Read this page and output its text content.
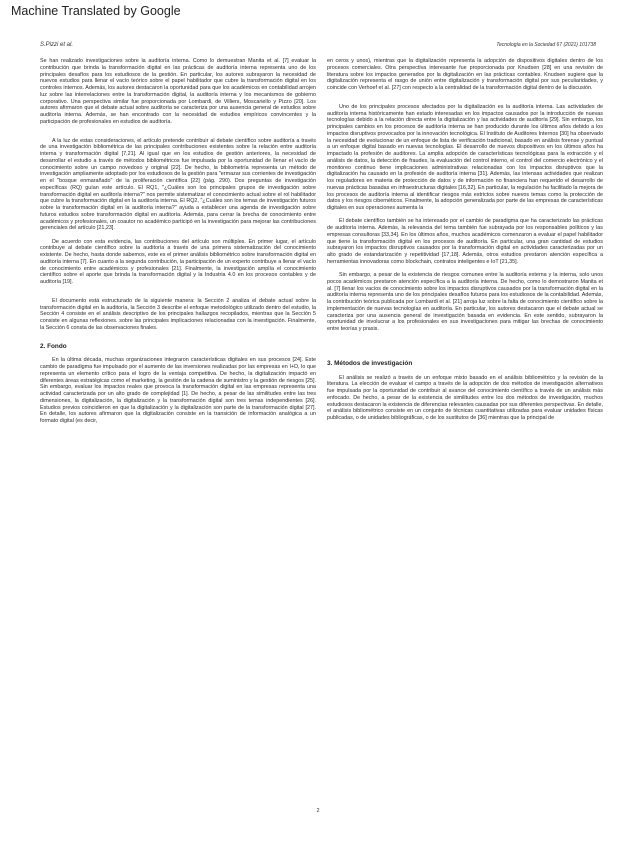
Machine Translated by Google
S.Pizzi et al.	Tecnología en la Sociedad 67 (2021) 101738

Se han realizado investigaciones sobre la auditoría interna. Como lo demuestran Manita et al. [7] evaluar la contribución que brinda la transformación digital en las prácticas de auditoría interna representa uno de los principales desafíos para los estudiosos de la gestión. En particular, los autores subrayaron la necesidad de nuevos estudios para llenar el vacío teórico sobre el papel habilitador que cubre la transformación digital en los controles internos. Además, los autores destacaron la oportunidad para que los académicos en contabilidad arrojen luz sobre las interrelaciones entre la transformación digital, la auditoría interna y los mecanismos de gobierno corporativo. Una perspectiva similar fue proporcionada por Lombardi, de Villiers, Moscariello y Pizzo [20]. Los autores afirmaron que el debate actual sobre auditoría se caracteriza por una ausencia general de estudios sobre auditoría interna. Además, se han encontrado con la necesidad de estudios empíricos convincentes y la participación de profesionales en estudios de auditoría.

A la luz de estas consideraciones, el artículo pretende contribuir al debate científico sobre auditoría a través de una investigación bibliométrica de las principales contribuciones existentes sobre la relación entre auditoría interna y transformación digital [7,21]. Al igual que en los estudios de gestión anteriores, la necesidad de desarrollar el estudio a través de métodos bibliométricos fue impulsada por la oportunidad de llenar el vacío de conocimiento sobre un campo novedoso y original [22]. De hecho, la bibliometría representa un método de investigación ampliamente adoptado por los estudiosos de la gestión para "ermazar sus corrientes de investigación en el "bosque enmarañado" de la proliferación científica [22] (pág. 290). Dos preguntas de investigación específicas (RQ) guían este artículo. El RQ1, "¿Cuáles son los principales grupos de investigación sobre transformación digital en auditoría interna?" nos permite sistematizar el conocimiento actual sobre el rol habilitador que cubre la transformación digital en la auditoría interna. El RQ2, "¿Cuáles son los temas de investigación futuros sobre la transformación digital en la auditoría interna?" ayuda a establecer una agenda de investigación sobre futuros estudios sobre transformación digital en auditoría. Además, para cerrar la brecha de conocimiento entre académicos y profesionales, un coautor no académico participó en la investigación para mejorar las contribuciones gerenciales del artículo [21,23].

De acuerdo con esta evidencia, las contribuciones del artículo son múltiples. En primer lugar, el artículo contribuye al debate científico sobre la auditoría a través de una primera sistematización del conocimiento existente. De hecho, hasta donde sabemos, este es el primer análisis bibliométrico sobre transformación digital en auditoría interna [7]. En cuanto a la segunda contribución, la participación de un experto contribuye a llenar el vacío de conocimiento entre académicos y profesionales [21]. Finalmente, la investigación amplía el conocimiento científico sobre el aporte que brinda la transformación digital y la Industria 4.0 en los procesos contables y de auditoría [19].

El documento está estructurado de la siguiente manera: la Sección 2 analiza el debate actual sobre la transformación digital en la auditoría, la Sección 3 describe el enfoque metodológico utilizado dentro del estudio, la Sección 4 consiste en el análisis descriptivo de los principales hallazgos recopilados, mientras que la Sección 5 consiste en algunas reflexiones. sobre las principales implicaciones relacionadas con la investigación. Finalmente, la Sección 6 consta de las observaciones finales.

2. Fondo

En la última década, muchas organizaciones integraron características digitales en sus procesos [24]. Este cambio de paradigma fue impulsado por el aumento de las inversiones realizadas por las empresas en I+D, lo que representa un elemento crítico para el logro de la ventaja competitiva. De hecho, la digitalización impactó en diferentes áreas estratégicas como el marketing, la gestión de la cadena de suministro y la gestión de riesgos [25]. Sin embargo, evaluar los impactos reales que provoca la transformación digital en las empresas representa una actividad caracterizada por un alto grado de complejidad [1]. De hecho, a pesar de las similitudes entre las tres dimensiones, la digitalización, la digitalización y la transformación digital son tres temas independientes [26]. Estudios previos coincidieron en que la digitalización y la digitalización son parte de la transformación digital [27]. En detalle, los autores afirmaron que la digitalización consiste en la transición de información analógica a un formato digital (es decir,

en ceros y unos), mientras que la digitalización representa la adopción de dispositivos digitales dentro de los procesos comerciales. Otra perspectiva interesante fue proporcionada por Knudsen [28] en una revisión de literatura sobre los impactos generados por la digitalización en las prácticas contables. Knudsen sugiere que la digitalización representa el rasgo de unión entre digitalización y transformación digital por sus peculiaridades, y coincide con Verhoef et al. [27] con respecto a la centralidad de la transformación digital dentro de la discusión.

Uno de los principales procesos afectados por la digitalización es la auditoría interna. Las actividades de auditoría interna históricamente han estado interesadas en los impactos causados por la introducción de nuevas tecnologías debido a la relación directa entre la digitalización y las actividades de auditoría [29]. Sin embargo, los principales cambios en los procesos de auditoría interna se han producido durante los últimos años debido a los impactos disruptivos provocados por la innovación tecnológica. El Instituto de Auditores Internos [30] ha observado la necesidad de evolucionar de un enfoque de lista de verificación tradicional, basado en análisis forense y puntual a un enfoque digital basado en nuevas tecnologías. El desarrollo de nuevos dispositivos en los últimos años ha impactado la profesión de auditores. La amplia adopción de características tecnológicas para la extracción y el análisis de datos, la detección de fraudes, la evaluación del control interno, el control del comercio electrónico y el monitoreo continuo tiene implicaciones administrativas relacionadas con los impactos disruptivos que la digitalización ha causado en la profesión de auditoría interna [31]. Además, las intensas actividades que realizan los reguladores en materia de protección de datos y de información no financiera han requerido el desarrollo de nuevas prácticas basadas en infraestructuras digitales [16,32]. En particular, la regulación ha facilitado la mejora de los procesos de auditoría interna al identificar riesgos más estrictos sobre nuevos temas como la protección de datos y los riesgos cibernéticos. Finalmente, la adopción generalizada por parte de las empresas de características digitales en sus operaciones aumenta la

El debate científico también se ha interesado por el cambio de paradigma que ha caracterizado las prácticas de auditoría interna. Además, la relevancia del tema también fue subrayada por los responsables políticos y las empresas consultoras [33,34]. En los últimos años, muchos académicos comenzaron a evaluar el papel habilitador que tiene la transformación digital en los procesos de auditoría. En particular, una gran cantidad de estudios subrayaron los impactos disruptivos causados por la transformación digital en actividades caracterizadas por un alto grado de estandarización y repetitividad [17,18]. Además, otros estudios prestaron atención específica a herramientas innovadoras como blockchain, contratos inteligentes e IoT [21,35].

Sin embargo, a pesar de la existencia de riesgos comunes entre la auditoría externa y la interna, solo unos pocos académicos prestaron atención específica a la auditoría interna. De hecho, como lo demostraron Manita et al. [7] llenar los vacíos de conocimiento sobre los impactos disruptivos causados por la transformación digital en la auditoría interna representa uno de los principales desafíos futuros para los estudiosos de la contabilidad. Además, la contribución teórica publicada por Lombardi et al. [21] arroja luz sobre la falta de conocimiento científico sobre la implementación de nuevas tecnologías en auditoría. En particular, los autores destacaron que el debate actual se caracteriza por una ausencia general de investigación basada en evidencia. En este sentido, subrayaron la oportunidad de involucrar a los profesionales en sus investigaciones para mitigar las brechas de conocimiento entre teorías y praxis.

3. Métodos de investigación

El análisis se realizó a través de un enfoque mixto basado en el análisis bibliométrico y la revisión de la literatura. La elección de evaluar el campo a través de la adopción de dos métodos de investigación alternativos fue impulsada por la oportunidad de contribuir al avance del conocimiento científico a través de un análisis más enfocado. De hecho, a pesar de la existencia de similitudes entre los dos métodos de investigación, muchos estudiosos destacaron la existencia de diferencias relevantes causadas por sus diferentes perspectivas. En detalle, el análisis bibliométrico consiste en un conjunto de técnicas cuantitativas utilizadas para evaluar unidades físicas publicadas, o de unidades bibliográficas, o de los sustitutos de [36] mientras que la principal de

2
